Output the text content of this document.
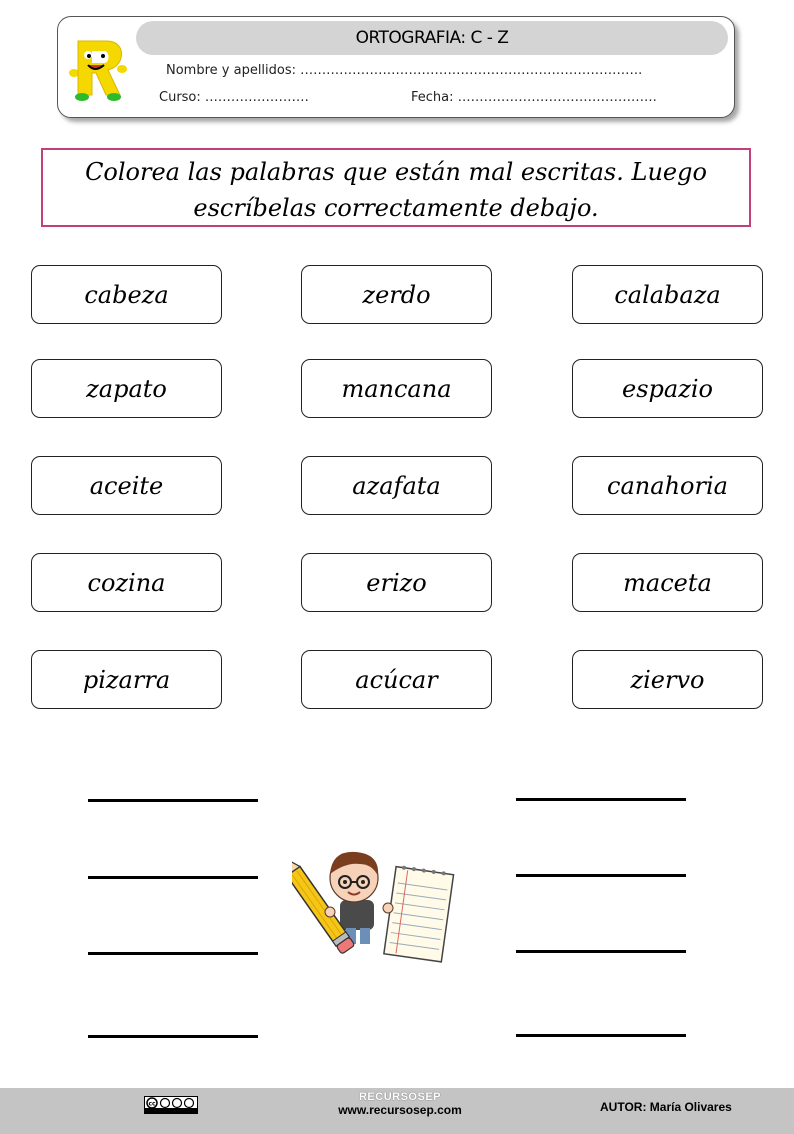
ORTOGRAFIA: C - Z
Nombre y apellidos: …………………………………………………………………….
Curso: ……………………	Fecha: ……………………………………….
Colorea las palabras que están mal escritas. Luego
escríbelas correctamente debajo.
cabeza	zerdo	calabaza
zapato	mancana	espazio
aceite	azafata	canahoria
cozina	erizo	maceta
pizarra	acúcar	ziervo
cc
RECURSOSEP
www.recursosep.com	AUTOR: María Olivares
